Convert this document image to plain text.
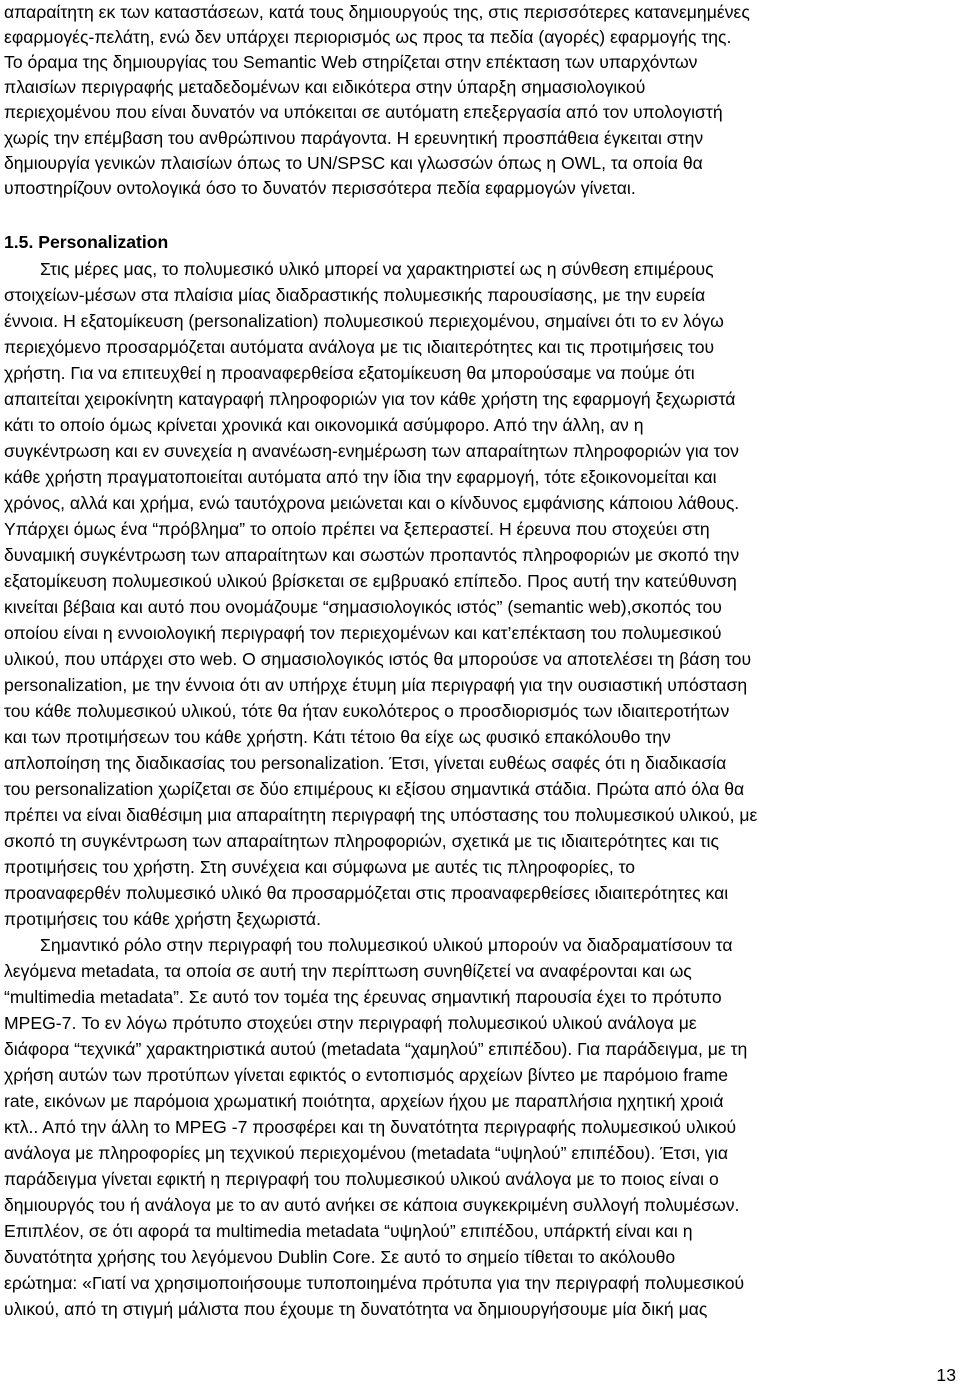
απαραίτητη εκ των καταστάσεων, κατά τους δημιουργούς της, στις περισσότερες κατανεμημένες
εφαρμογές-πελάτη, ενώ δεν υπάρχει περιορισμός ως προς τα πεδία (αγορές) εφαρμογής της.
Το όραμα της δημιουργίας του Semantic Web στηρίζεται στην επέκταση των υπαρχόντων
πλαισίων περιγραφής μεταδεδομένων και ειδικότερα στην ύπαρξη σημασιολογικού
περιεχομένου που είναι δυνατόν να υπόκειται σε αυτόματη επεξεργασία από τον υπολογιστή
χωρίς την επέμβαση του ανθρώπινου παράγοντα. Η ερευνητική προσπάθεια έγκειται στην
δημιουργία γενικών πλαισίων όπως το UN/SPSC και γλωσσών όπως η OWL, τα οποία θα
υποστηρίζουν οντολογικά όσο το δυνατόν περισσότερα πεδία εφαρμογών γίνεται.
1.5. Personalization
Στις μέρες μας, το πολυμεσικό υλικό μπορεί να χαρακτηριστεί ως η σύνθεση επιμέρους
στοιχείων-μέσων στα πλαίσια μίας διαδραστικής πολυμεσικής παρουσίασης, με την ευρεία
έννοια. Η εξατομίκευση (personalization) πολυμεσικού περιεχομένου, σημαίνει ότι το εν λόγω
περιεχόμενο προσαρμόζεται αυτόματα ανάλογα με τις ιδιαιτερότητες και τις προτιμήσεις του
χρήστη. Για να επιτευχθεί η προαναφερθείσα εξατομίκευση θα μπορούσαμε να πούμε ότι
απαιτείται χειροκίνητη καταγραφή πληροφοριών για τον κάθε χρήστη της εφαρμογή ξεχωριστά
κάτι το οποίο όμως κρίνεται χρονικά και οικονομικά ασύμφορο. Από την άλλη, αν η
συγκέντρωση και εν συνεχεία η ανανέωση-ενημέρωση των απαραίτητων πληροφοριών για τον
κάθε χρήστη πραγματοποιείται αυτόματα από την ίδια την εφαρμογή, τότε εξοικονομείται και
χρόνος, αλλά και χρήμα, ενώ ταυτόχρονα μειώνεται και ο κίνδυνος εμφάνισης κάποιου λάθους.
Υπάρχει όμως ένα “πρόβλημα” το οποίο πρέπει να ξεπεραστεί. Η έρευνα που στοχεύει στη
δυναμική συγκέντρωση των απαραίτητων και σωστών προπαντός πληροφοριών με σκοπό την
εξατομίκευση πολυμεσικού υλικού βρίσκεται σε εμβρυακό επίπεδο. Προς αυτή την κατεύθυνση
κινείται βέβαια και αυτό που ονομάζουμε “σημασιολογικός ιστός” (semantic web),σκοπός του
οποίου είναι η εννοιολογική περιγραφή τον περιεχομένων και κατ’επέκταση του πολυμεσικού
υλικού, που υπάρχει στο web. Ο σημασιολογικός ιστός θα μπορούσε να αποτελέσει τη βάση του
personalization, με την έννοια ότι αν υπήρχε έτυμη μία περιγραφή για την ουσιαστική υπόσταση
του κάθε πολυμεσικού υλικού, τότε θα ήταν ευκολότερος ο προσδιορισμός των ιδιαιτεροτήτων
και των προτιμήσεων του κάθε χρήστη. Κάτι τέτοιο θα είχε ως φυσικό επακόλουθο την
απλοποίηση της διαδικασίας του personalization. Έτσι, γίνεται ευθέως σαφές ότι η διαδικασία
του personalization χωρίζεται σε δύο επιμέρους κι εξίσου σημαντικά στάδια. Πρώτα από όλα θα
πρέπει να είναι διαθέσιμη μια απαραίτητη περιγραφή της υπόστασης του πολυμεσικού υλικού, με
σκοπό τη συγκέντρωση των απαραίτητων πληροφοριών, σχετικά με τις ιδιαιτερότητες και τις
προτιμήσεις του χρήστη. Στη συνέχεια και σύμφωνα με αυτές τις πληροφορίες, το
προαναφερθέν πολυμεσικό υλικό θα προσαρμόζεται στις προαναφερθείσες ιδιαιτερότητες και
προτιμήσεις του κάθε χρήστη ξεχωριστά.
Σημαντικό ρόλο στην περιγραφή του πολυμεσικού υλικού μπορούν να διαδραματίσουν τα
λεγόμενα metadata, τα οποία σε αυτή την περίπτωση συνηθίζετεί να αναφέρονται και ως
“multimedia metadata”. Σε αυτό τον τομέα της έρευνας σημαντική παρουσία έχει το πρότυπο
MPEG-7. Το εν λόγω πρότυπο στοχεύει στην περιγραφή πολυμεσικού υλικού ανάλογα με
διάφορα “τεχνικά” χαρακτηριστικά αυτού (metadata “χαμηλού” επιπέδου). Για παράδειγμα, με τη
χρήση αυτών των προτύπων γίνεται εφικτός ο εντοπισμός αρχείων βίντεο με παρόμοιο frame
rate, εικόνων με παρόμοια χρωματική ποιότητα, αρχείων ήχου με παραπλήσια ηχητική χροιά
κτλ.. Από την άλλη το MPEG -7 προσφέρει και τη δυνατότητα περιγραφής πολυμεσικού υλικού
ανάλογα με πληροφορίες μη τεχνικού περιεχομένου (metadata “υψηλού” επιπέδου). Έτσι, για
παράδειγμα γίνεται εφικτή η περιγραφή του πολυμεσικού υλικού ανάλογα με το ποιος είναι ο
δημιουργός του ή ανάλογα με το αν αυτό ανήκει σε κάποια συγκεκριμένη συλλογή πολυμέσων.
Επιπλέον, σε ότι αφορά τα multimedia metadata “υψηλού” επιπέδου, υπάρκτή είναι και η
δυνατότητα χρήσης του λεγόμενου Dublin Core. Σε αυτό το σημείο τίθεται το ακόλουθο
ερώτημα: «Γιατί να χρησιμοποιήσουμε τυποποιημένα πρότυπα για την περιγραφή πολυμεσικού
υλικού, από τη στιγμή μάλιστα που έχουμε τη δυνατότητα να δημιουργήσουμε μία δική μας
13
